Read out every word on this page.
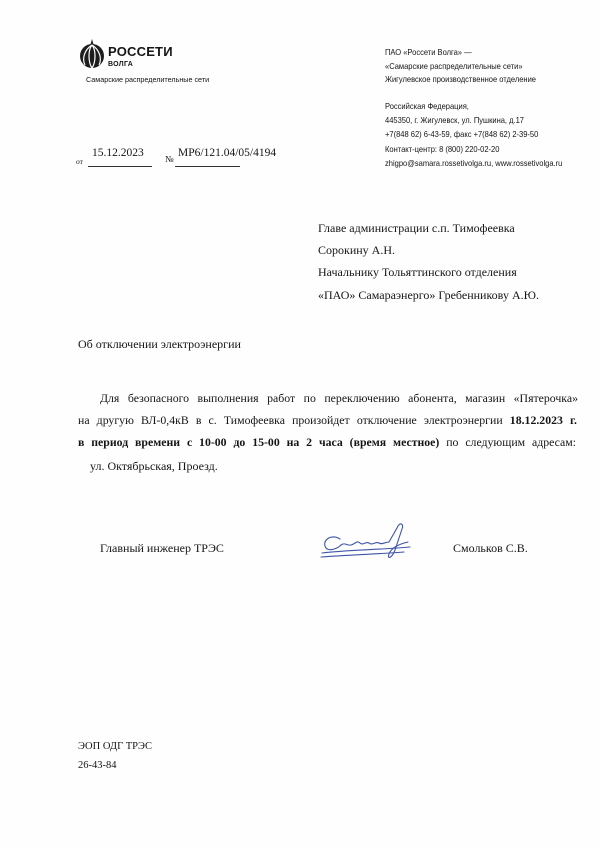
РОССЕТИ
ВОЛГА
Самарские распределительные сети
ПАО «Россети Волга» —
«Самарские распределительные сети»
Жигулевское производственное отделение
Российская Федерация,
445350, г. Жигулевск, ул. Пушкина, д.17
+7(848 62) 6-43-59, факс +7(848 62) 2-39-50
Контакт-центр: 8 (800) 220-02-20
zhigpo@samara.rossetivolga.ru, www.rossetivolga.ru
от
15.12.2023 № МР6/121.04/05/4194
Главе администрации с.п. Тимофеевка
Сорокину А.Н.
Начальнику Тольяттинского отделения
«ПАО» Самараэнерго» Гребенникову А.Ю.
Об отключении электроэнергии
Для безопасного выполнения работ по переключению абонента, магазин «Пятерочка»
на другую ВЛ-0,4кВ в с. Тимофеевка произойдет отключение электроэнергии 18.12.2023 г.
в период времени с 10-00 до 15-00 на 2 часа (время местное) по следующим адресам:
ул. Октябрьская, Проезд.
Главный инженер ТРЭС	Смольков С.В.
ЭОП ОДГ ТРЭС
26-43-84
